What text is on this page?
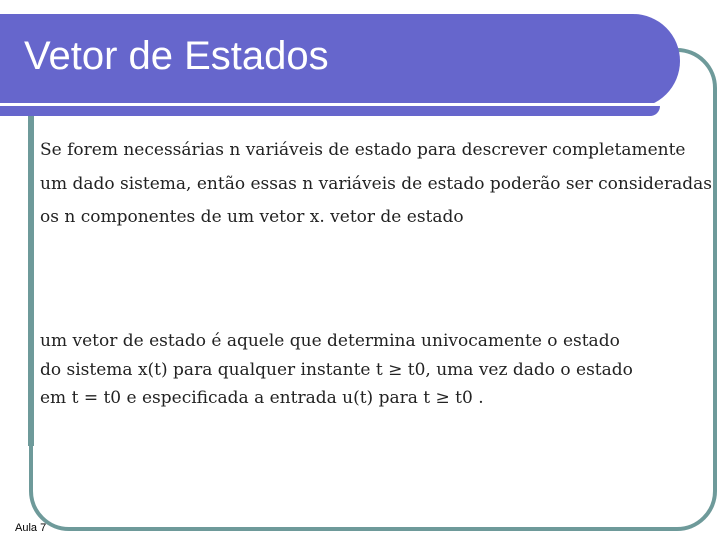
Vetor de Estados

Se forem necessárias n variáveis de estado para descrever completamente
um dado sistema, então essas n variáveis de estado poderão ser consideradas
os n componentes de um vetor x. vetor de estado

um vetor de estado é aquele que determina univocamente o estado
do sistema x(t) para qualquer instante t ≥ t0, uma vez dado o estado
em t = t0 e especificada a entrada u(t) para t ≥ t0 .

Aula 7
